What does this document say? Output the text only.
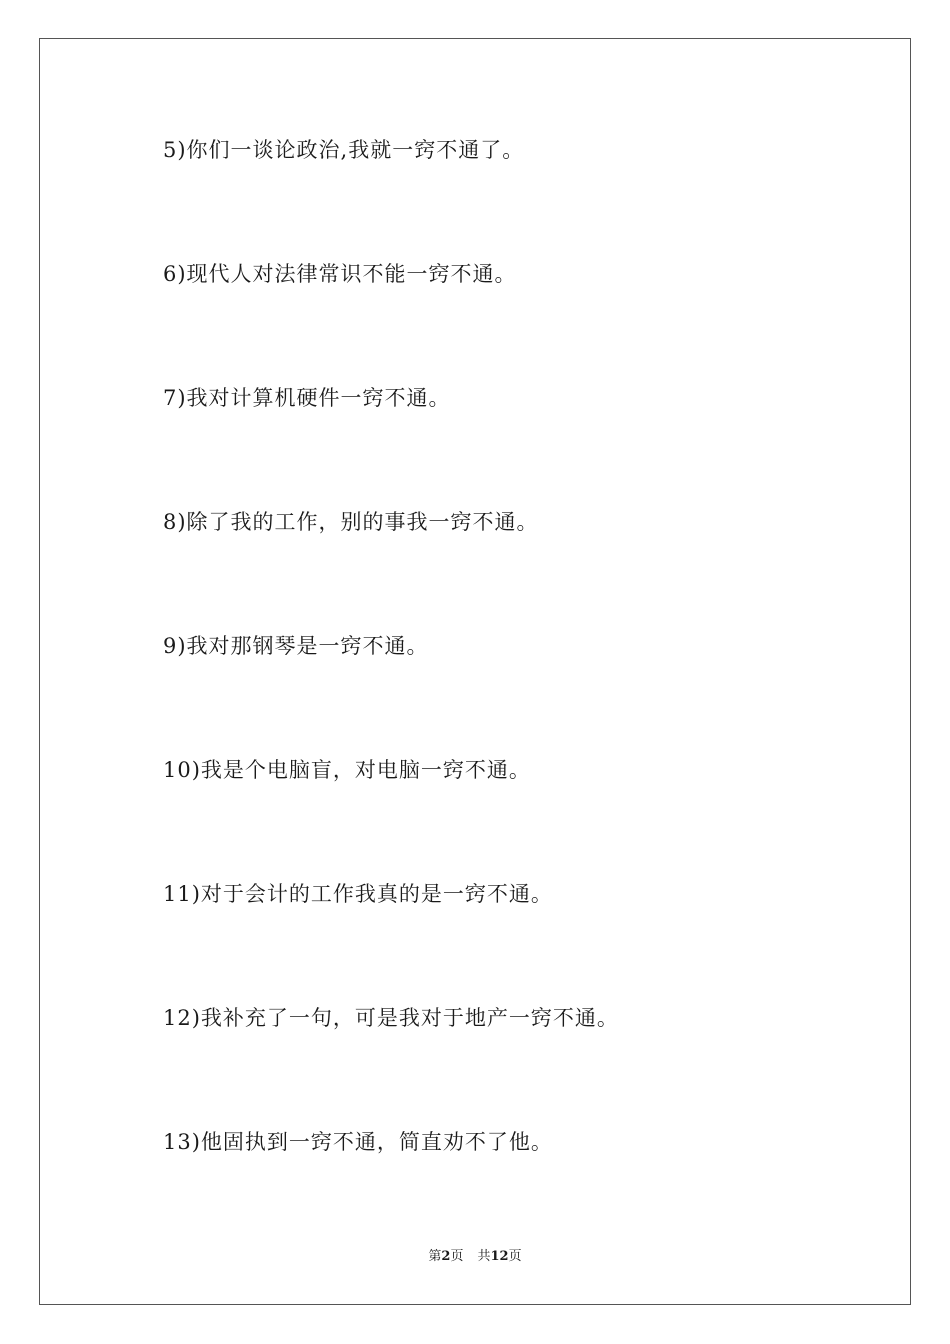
5)你们一谈论政治,我就一窍不通了。
6)现代人对法律常识不能一窍不通。
7)我对计算机硬件一窍不通。
8)除了我的工作，别的事我一窍不通。
9)我对那钢琴是一窍不通。
10)我是个电脑盲，对电脑一窍不通。
11)对于会计的工作我真的是一窍不通。
12)我补充了一句，可是我对于地产一窍不通。
13)他固执到一窍不通，简直劝不了他。
第2页 共12页
